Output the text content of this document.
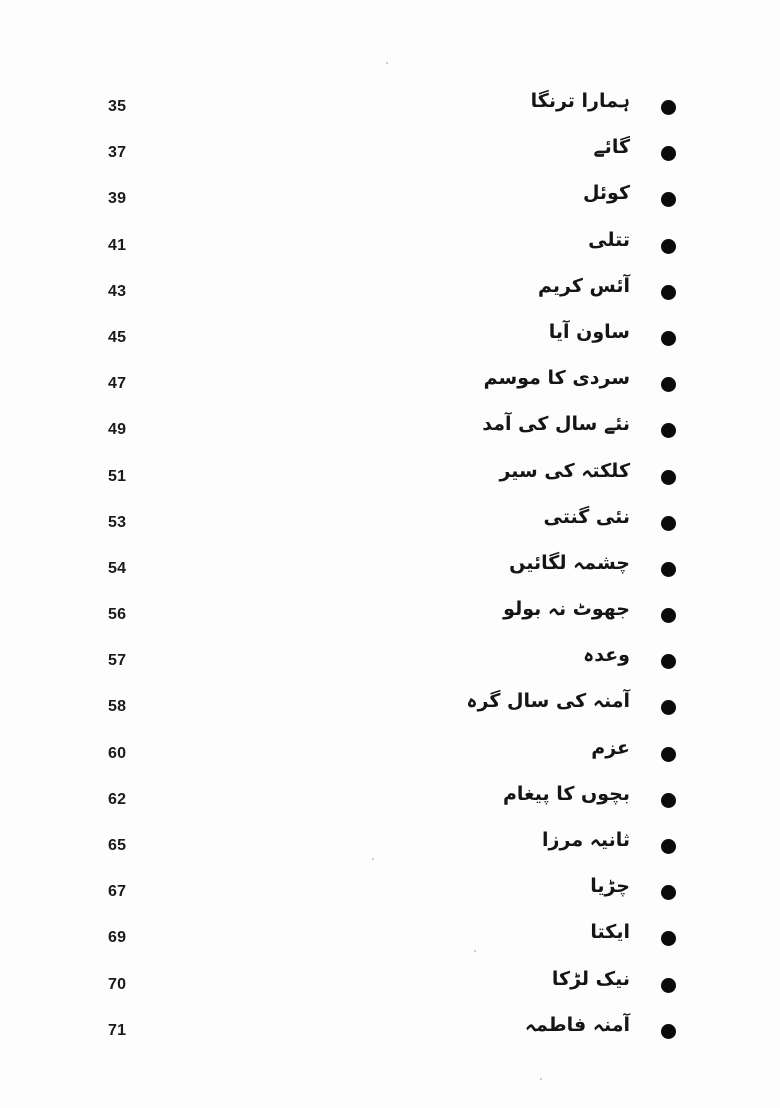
35	ہمارا ترنگا
37	گائے
39	کوئل
41	تتلی
43	آئس کریم
45	ساون آیا
47	سردی کا موسم
49	نئے سال کی آمد
51	کلکتہ کی سیر
53	نئی گنتی
54	چشمہ لگائیں
56	جھوٹ نہ بولو
57	وعدہ
58	آمنہ کی سال گرہ
60	عزم
62	بچوں کا پیغام
65	ثانیہ مرزا
67	چڑیا
69	ایکتا
70	نیک لڑکا
71	آمنہ فاطمہ
